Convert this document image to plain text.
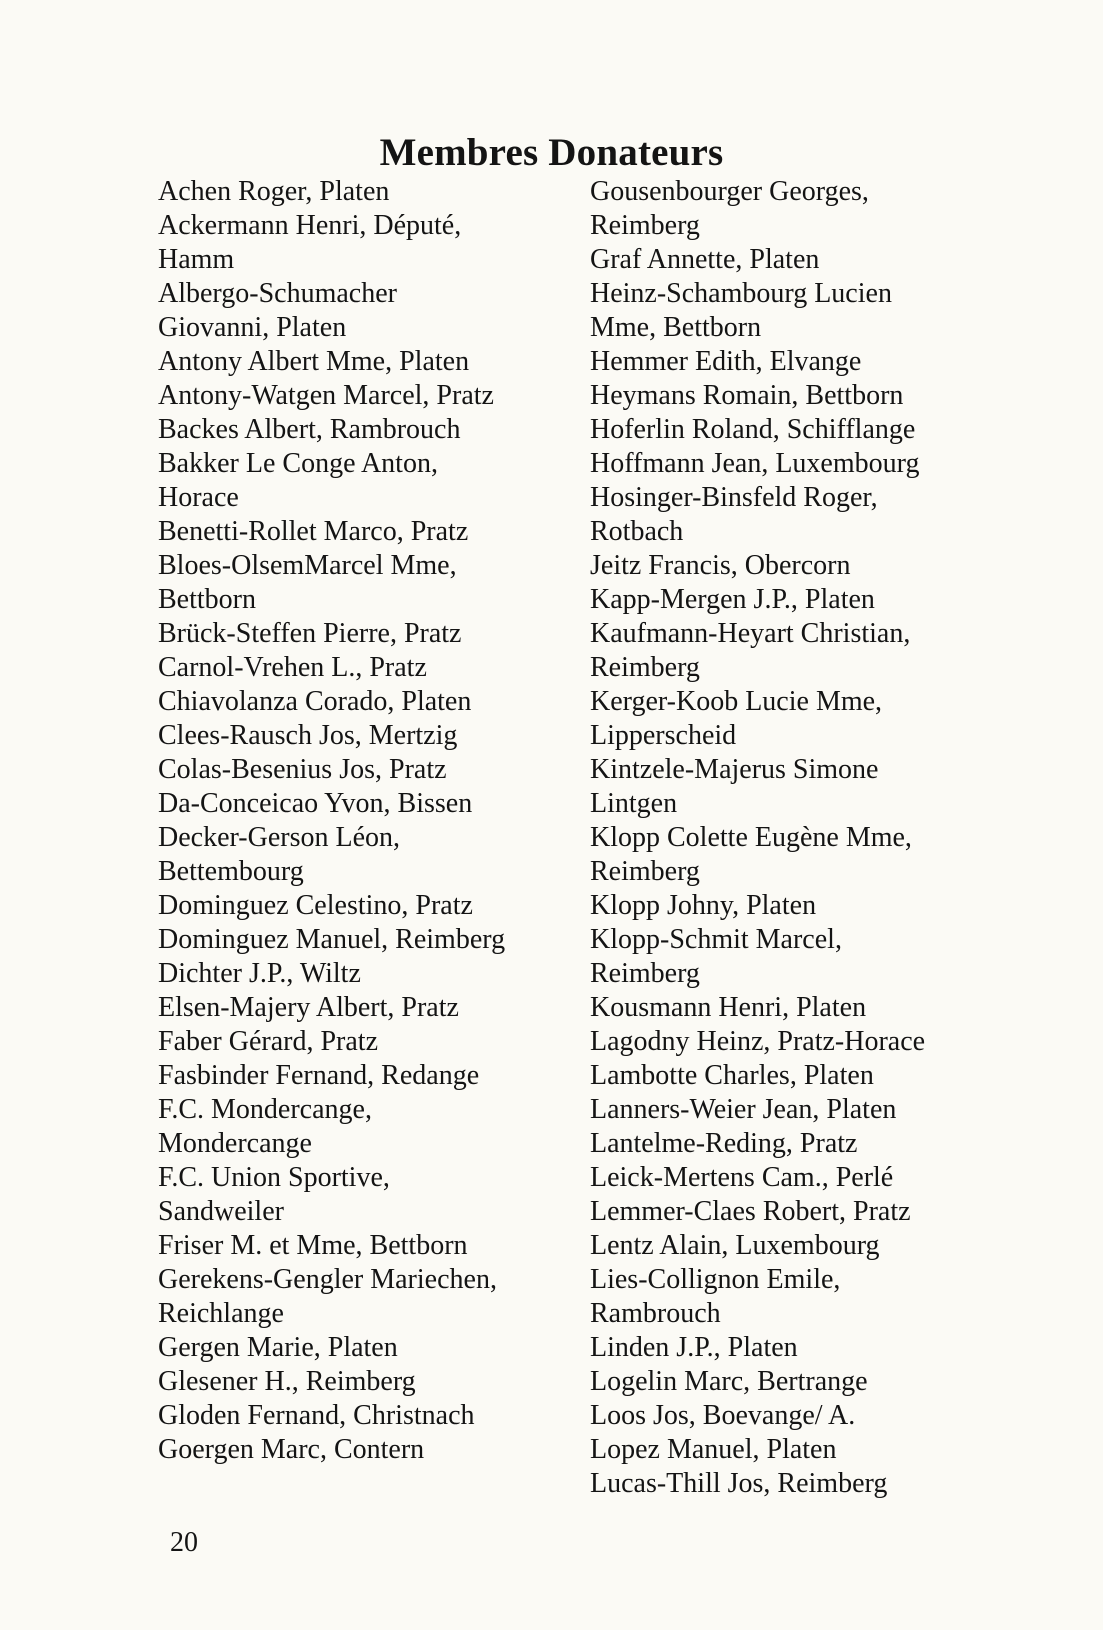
Membres Donateurs
Achen Roger, Platen
Ackermann Henri, Député,
Hamm
Albergo-Schumacher
Giovanni, Platen
Antony Albert Mme, Platen
Antony-Watgen Marcel, Pratz
Backes Albert, Rambrouch
Bakker Le Conge Anton,
Horace
Benetti-Rollet Marco, Pratz
Bloes-OlsemMarcel Mme,
Bettborn
Brück-Steffen Pierre, Pratz
Carnol-Vrehen L., Pratz
Chiavolanza Corado, Platen
Clees-Rausch Jos, Mertzig
Colas-Besenius Jos, Pratz
Da-Conceicao Yvon, Bissen
Decker-Gerson Léon,
Bettembourg
Dominguez Celestino, Pratz
Dominguez Manuel, Reimberg
Dichter J.P., Wiltz
Elsen-Majery Albert, Pratz
Faber Gérard, Pratz
Fasbinder Fernand, Redange
F.C. Mondercange,
Mondercange
F.C. Union Sportive,
Sandweiler
Friser M. et Mme, Bettborn
Gerekens-Gengler Mariechen,
Reichlange
Gergen Marie, Platen
Glesener H., Reimberg
Gloden Fernand, Christnach
Goergen Marc, Contern
Gousenbourger Georges,
Reimberg
Graf Annette, Platen
Heinz-Schambourg Lucien
Mme, Bettborn
Hemmer Edith, Elvange
Heymans Romain, Bettborn
Hoferlin Roland, Schifflange
Hoffmann Jean, Luxembourg
Hosinger-Binsfeld Roger,
Rotbach
Jeitz Francis, Obercorn
Kapp-Mergen J.P., Platen
Kaufmann-Heyart Christian,
Reimberg
Kerger-Koob Lucie Mme,
Lipperscheid
Kintzele-Majerus Simone
Lintgen
Klopp Colette Eugène Mme,
Reimberg
Klopp Johny, Platen
Klopp-Schmit Marcel,
Reimberg
Kousmann Henri, Platen
Lagodny Heinz, Pratz-Horace
Lambotte Charles, Platen
Lanners-Weier Jean, Platen
Lantelme-Reding, Pratz
Leick-Mertens Cam., Perlé
Lemmer-Claes Robert, Pratz
Lentz Alain, Luxembourg
Lies-Collignon Emile,
Rambrouch
Linden J.P., Platen
Logelin Marc, Bertrange
Loos Jos, Boevange/ A.
Lopez Manuel, Platen
Lucas-Thill Jos, Reimberg
20
